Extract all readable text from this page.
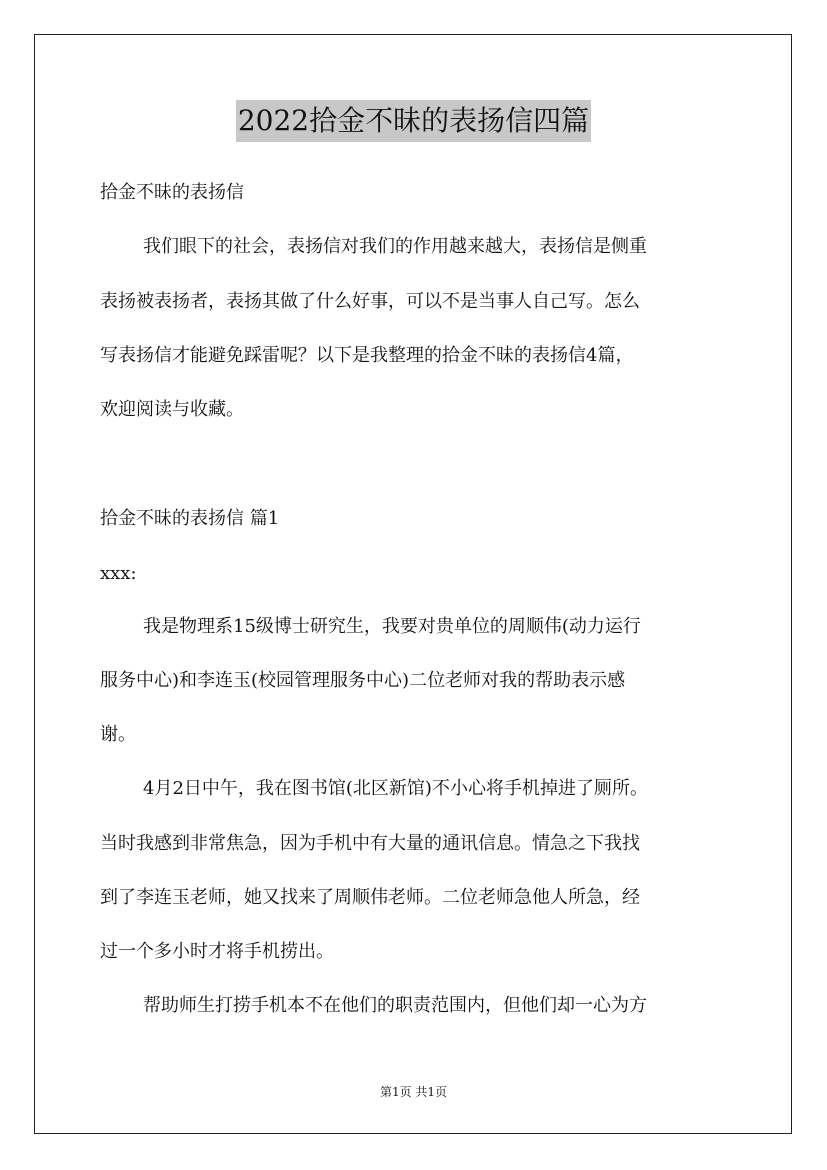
2022拾金不昧的表扬信四篇
拾金不昧的表扬信
我们眼下的社会，表扬信对我们的作用越来越大，表扬信是侧重
表扬被表扬者，表扬其做了什么好事，可以不是当事人自己写。怎么
写表扬信才能避免踩雷呢？以下是我整理的拾金不昧的表扬信4篇，
欢迎阅读与收藏。
拾金不昧的表扬信 篇1
xxx:
我是物理系15级博士研究生，我要对贵单位的周顺伟(动力运行
服务中心)和李连玉(校园管理服务中心)二位老师对我的帮助表示感
谢。
4月2日中午，我在图书馆(北区新馆)不小心将手机掉进了厕所。
当时我感到非常焦急，因为手机中有大量的通讯信息。情急之下我找
到了李连玉老师，她又找来了周顺伟老师。二位老师急他人所急，经
过一个多小时才将手机捞出。
帮助师生打捞手机本不在他们的职责范围内，但他们却一心为方
第1页 共1页
